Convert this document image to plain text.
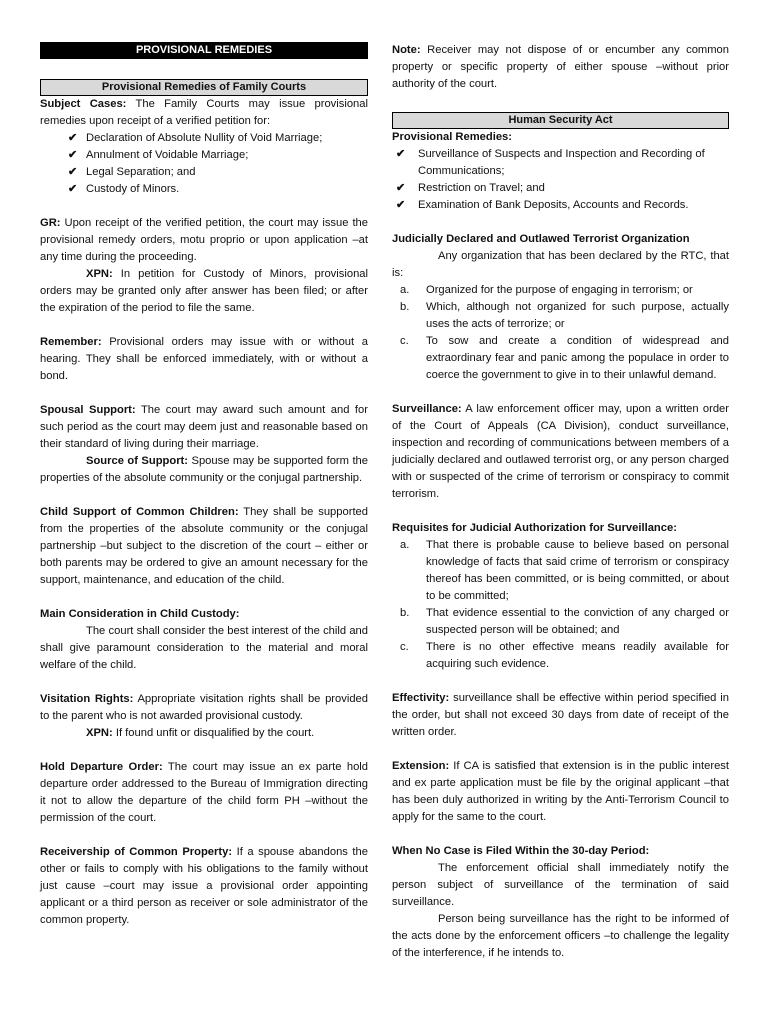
PROVISIONAL REMEDIES
Provisional Remedies of Family Courts

Subject Cases: The Family Courts may issue provisional remedies upon receipt of a verified petition for:

✔ Declaration of Absolute Nullity of Void Marriage;
✔ Annulment of Voidable Marriage;
✔ Legal Separation; and
✔ Custody of Minors.

GR: Upon receipt of the verified petition, the court may issue the provisional remedy orders, motu proprio or upon application –at any time during the proceeding.

XPN: In petition for Custody of Minors, provisional orders may be granted only after answer has been filed; or after the expiration of the period to file the same.

Remember: Provisional orders may issue with or without a hearing. They shall be enforced immediately, with or without a bond.

Spousal Support: The court may award such amount and for such period as the court may deem just and reasonable based on their standard of living during their marriage.

Source of Support: Spouse may be supported form the properties of the absolute community or the conjugal partnership.

Child Support of Common Children: They shall be supported from the properties of the absolute community or the conjugal partnership –but subject to the discretion of the court – either or both parents may be ordered to give an amount necessary for the support, maintenance, and education of the child.

Main Consideration in Child Custody:

The court shall consider the best interest of the child and shall give paramount consideration to the material and moral welfare of the child.

Visitation Rights: Appropriate visitation rights shall be provided to the parent who is not awarded provisional custody.

XPN: If found unfit or disqualified by the court.

Hold Departure Order: The court may issue an ex parte hold departure order addressed to the Bureau of Immigration directing it not to allow the departure of the child form PH –without the permission of the court.

Receivership of Common Property: If a spouse abandons the other or fails to comply with his obligations to the family without just cause –court may issue a provisional order appointing applicant or a third person as receiver or sole administrator of the common property.

Note: Receiver may not dispose of or encumber any common property or specific property of either spouse –without prior authority of the court.

Human Security Act

Provisional Remedies:

✔ Surveillance of Suspects and Inspection and Recording of Communications;
✔ Restriction on Travel; and
✔ Examination of Bank Deposits, Accounts and Records.

Judicially Declared and Outlawed Terrorist Organization

Any organization that has been declared by the RTC, that is:

a. Organized for the purpose of engaging in terrorism; or
b. Which, although not organized for such purpose, actually uses the acts of terrorize; or
c. To sow and create a condition of widespread and extraordinary fear and panic among the populace in order to coerce the government to give in to their unlawful demand.

Surveillance: A law enforcement officer may, upon a written order of the Court of Appeals (CA Division), conduct surveillance, inspection and recording of communications between members of a judicially declared and outlawed terrorist org, or any person charged with or suspected of the crime of terrorism or conspiracy to commit terrorism.

Requisites for Judicial Authorization for Surveillance:

a. That there is probable cause to believe based on personal knowledge of facts that said crime of terrorism or conspiracy thereof has been committed, or is being committed, or about to be committed;
b. That evidence essential to the conviction of any charged or suspected person will be obtained; and
c. There is no other effective means readily available for acquiring such evidence.

Effectivity: surveillance shall be effective within period specified in the order, but shall not exceed 30 days from date of receipt of the written order.

Extension: If CA is satisfied that extension is in the public interest and ex parte application must be file by the original applicant –that has been duly authorized in writing by the Anti-Terrorism Council to apply for the same to the court.

When No Case is Filed Within the 30-day Period:

The enforcement official shall immediately notify the person subject of surveillance of the termination of said surveillance.

Person being surveillance has the right to be informed of the acts done by the enforcement officers –to challenge the legality of the interference, if he intends to.
